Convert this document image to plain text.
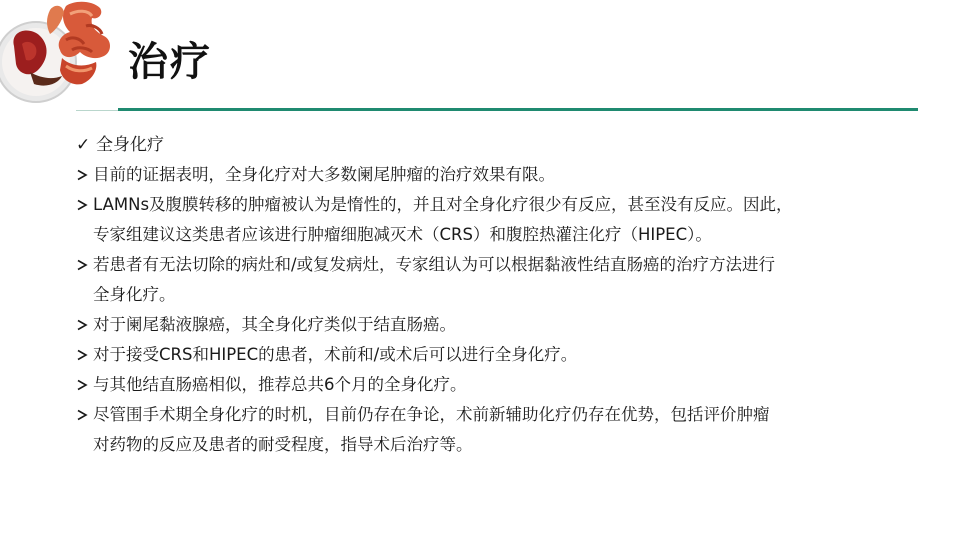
治疗
✓ 全身化疗
目前的证据表明，全身化疗对大多数阑尾肿瘤的治疗效果有限。
LAMNs及腹膜转移的肿瘤被认为是惰性的，并且对全身化疗很少有反应，甚至没有反应。因此，
专家组建议这类患者应该进行肿瘤细胞减灭术（CRS）和腹腔热灌注化疗（HIPEC）。
若患者有无法切除的病灶和/或复发病灶，专家组认为可以根据黏液性结直肠癌的治疗方法进行
全身化疗。
对于阑尾黏液腺癌，其全身化疗类似于结直肠癌。
对于接受CRS和HIPEC的患者，术前和/或术后可以进行全身化疗。
与其他结直肠癌相似，推荐总共6个月的全身化疗。
尽管围手术期全身化疗的时机，目前仍存在争论，术前新辅助化疗仍存在优势，包括评价肿瘤
对药物的反应及患者的耐受程度，指导术后治疗等。
